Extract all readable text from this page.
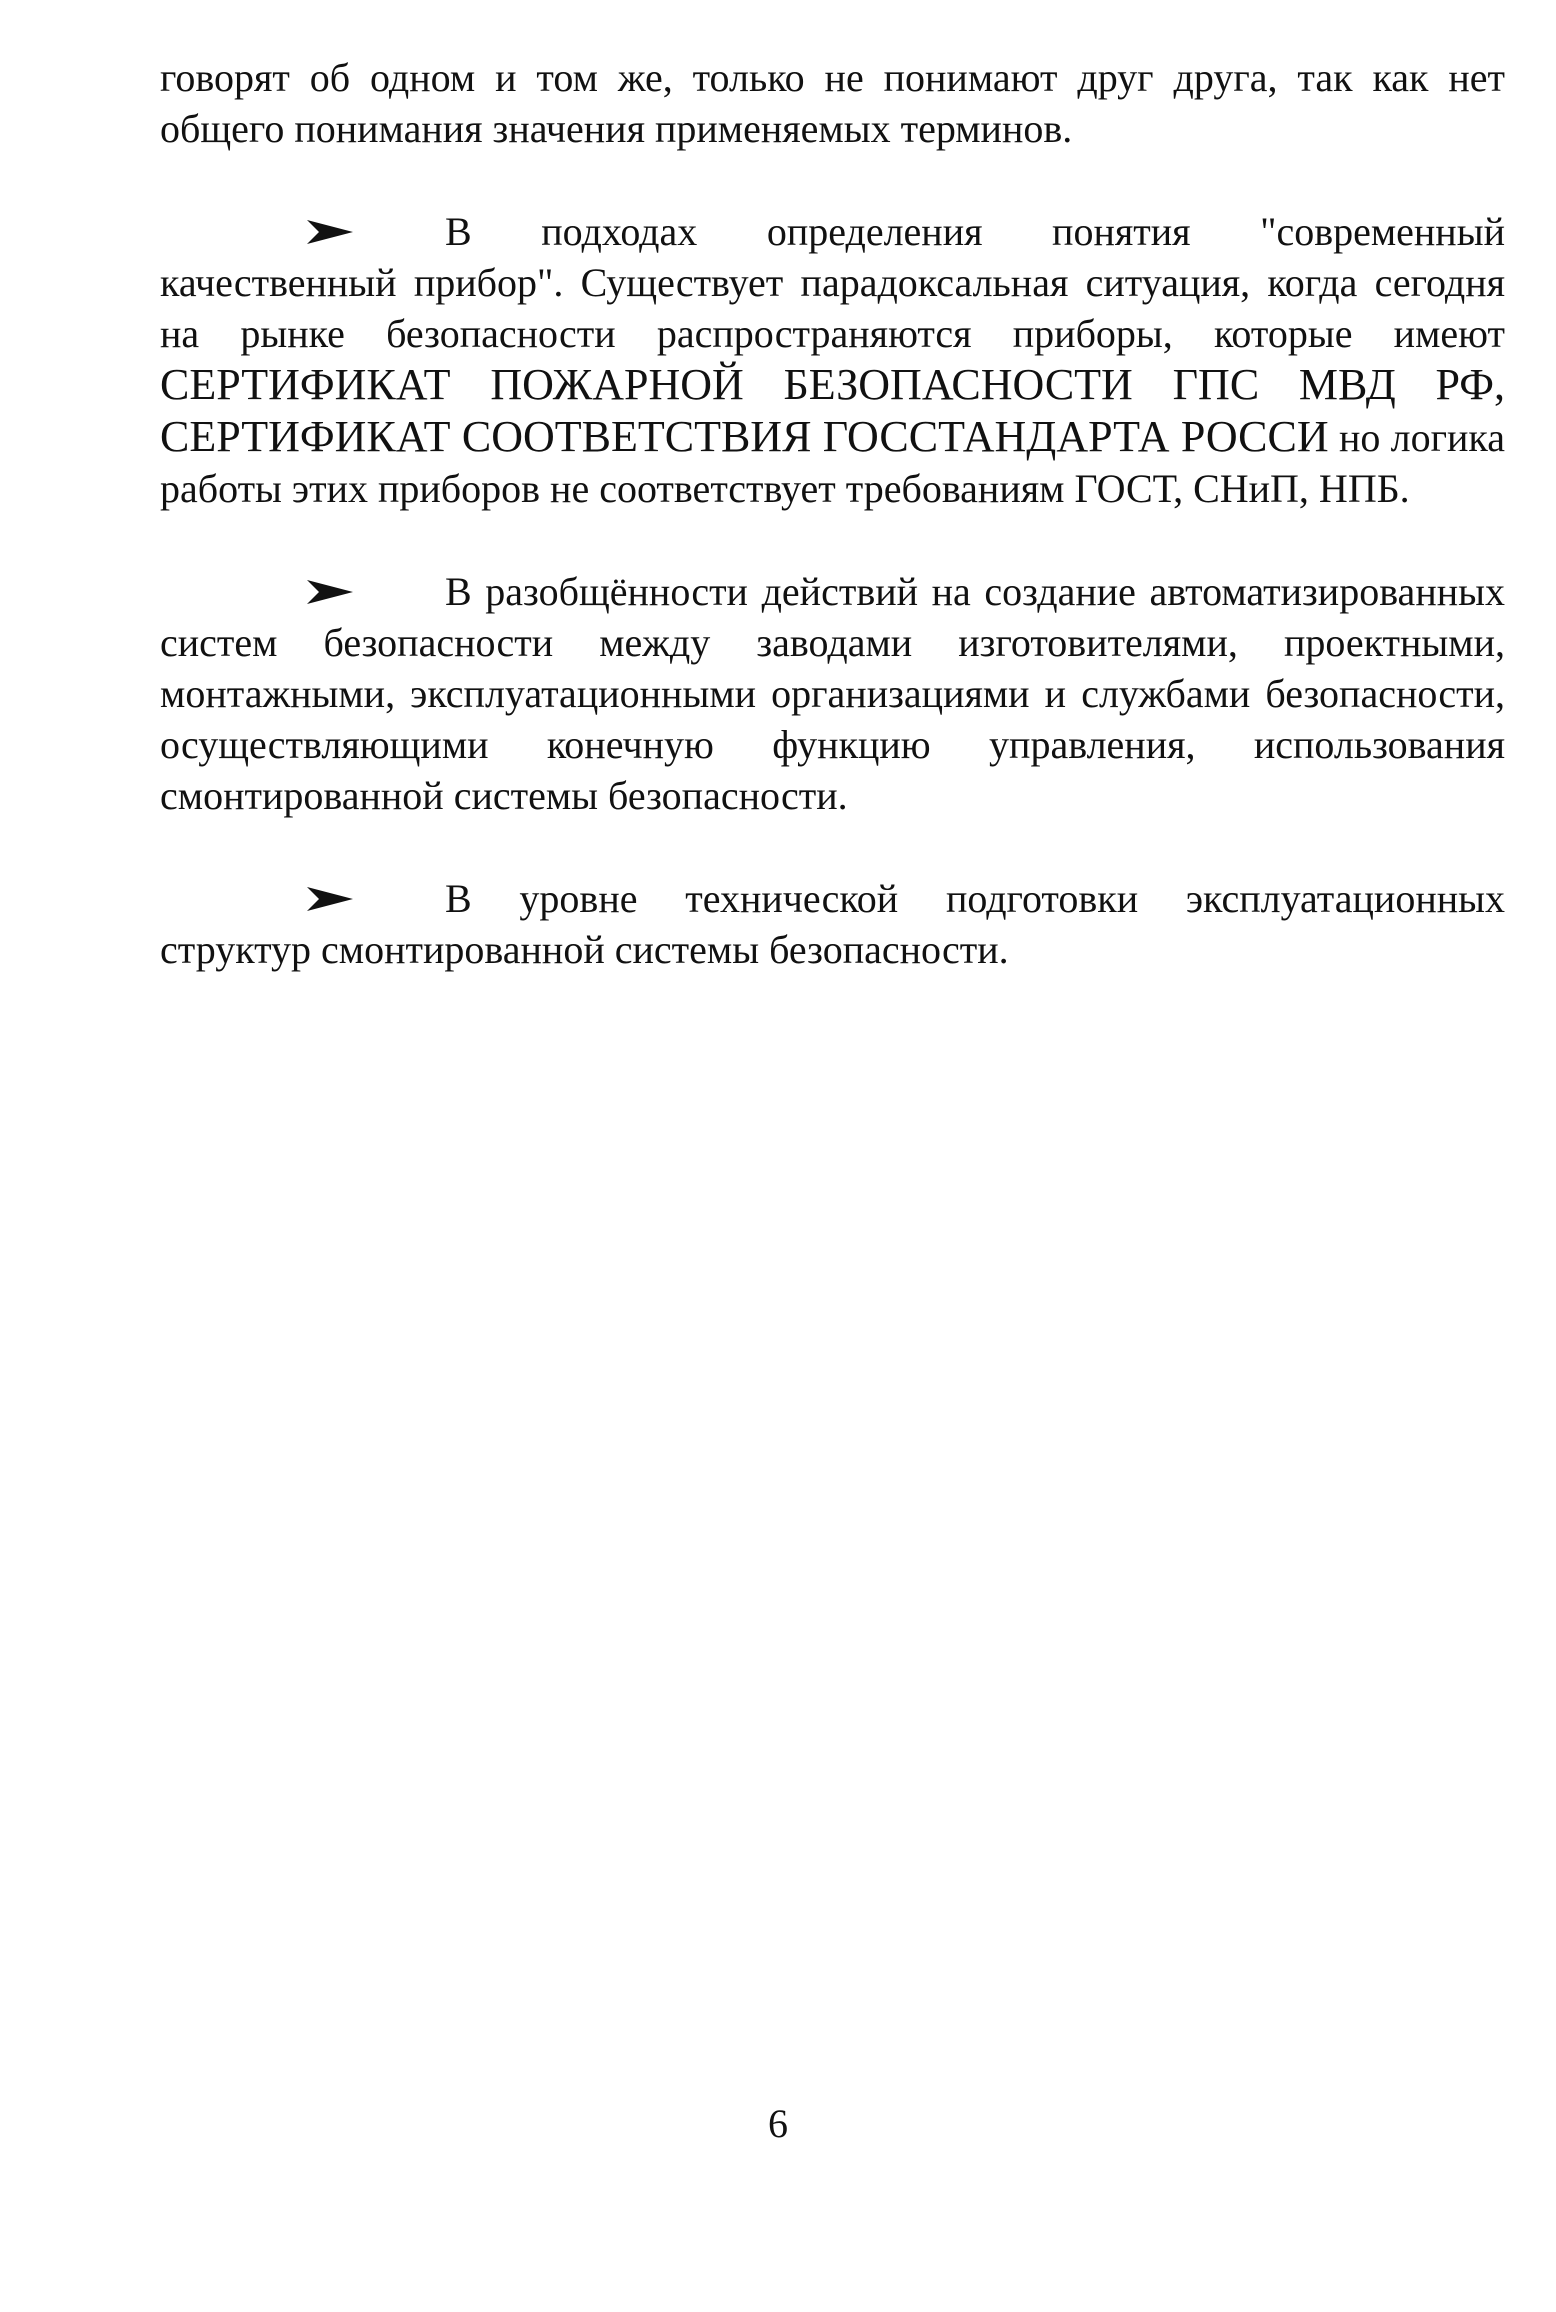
говорят об одном и том же, только не понимают друг друга, так как нет общего понимания значения применяемых терминов.

В подходах определения понятия "современный качественный прибор". Существует парадоксальная ситуация, когда сегодня на рынке безопасности распространяются приборы, которые имеют СЕРТИФИКАТ ПОЖАРНОЙ БЕЗОПАСНОСТИ ГПС МВД РФ, СЕРТИФИКАТ СООТВЕТСТВИЯ ГОССТАНДАРТА РОССИ но логика работы этих приборов не соответствует требованиям ГОСТ, СНиП, НПБ.

В разобщённости действий на создание автоматизированных систем безопасности между заводами изготовителями, проектными, монтажными, эксплуатационными организациями и службами безопасности, осуществляющими конечную функцию управления, использования смонтированной системы безопасности.

В уровне технической подготовки эксплуатационных структур смонтированной системы безопасности.

6
